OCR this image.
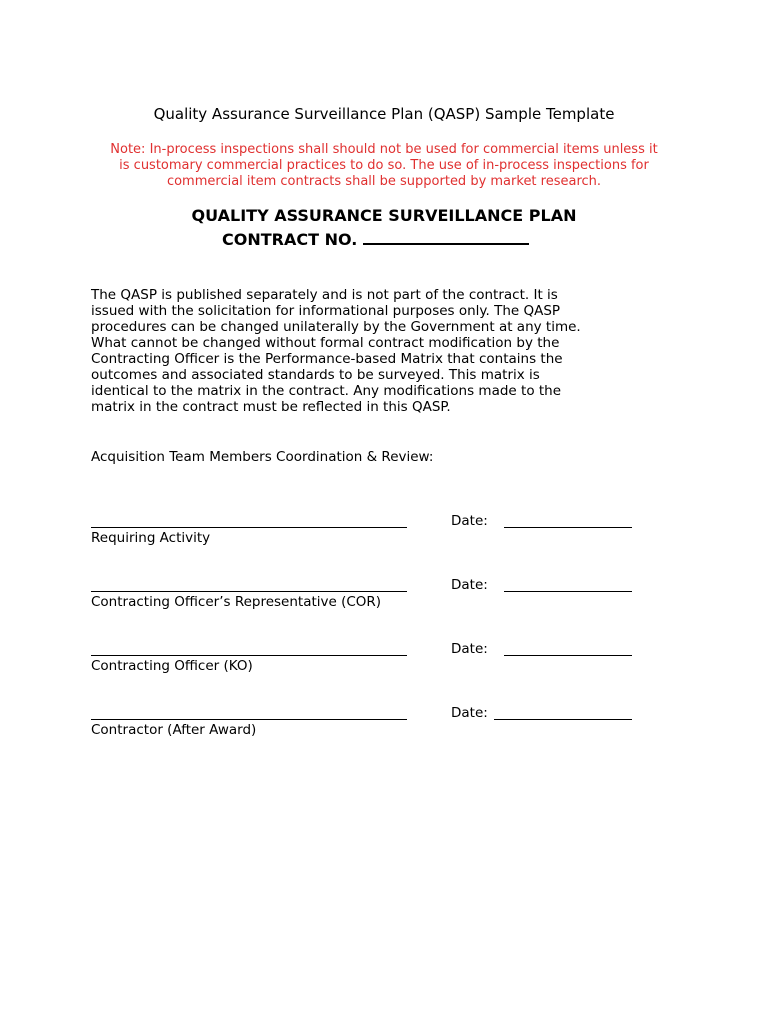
Quality Assurance Surveillance Plan (QASP) Sample Template
Note: In-process inspections shall should not be used for commercial items unless it
is customary commercial practices to do so. The use of in-process inspections for
commercial item contracts shall be supported by market research.
QUALITY ASSURANCE SURVEILLANCE PLAN
CONTRACT NO.
The QASP is published separately and is not part of the contract. It is
issued with the solicitation for informational purposes only. The QASP
procedures can be changed unilaterally by the Government at any time.
What cannot be changed without formal contract modification by the
Contracting Officer is the Performance-based Matrix that contains the
outcomes and associated standards to be surveyed. This matrix is
identical to the matrix in the contract. Any modifications made to the
matrix in the contract must be reflected in this QASP.
Acquisition Team Members Coordination & Review:
Requiring Activity
Date:
Contracting Officer’s Representative (COR)
Date:
Contracting Officer (KO)
Date:
Contractor (After Award)
Date:
